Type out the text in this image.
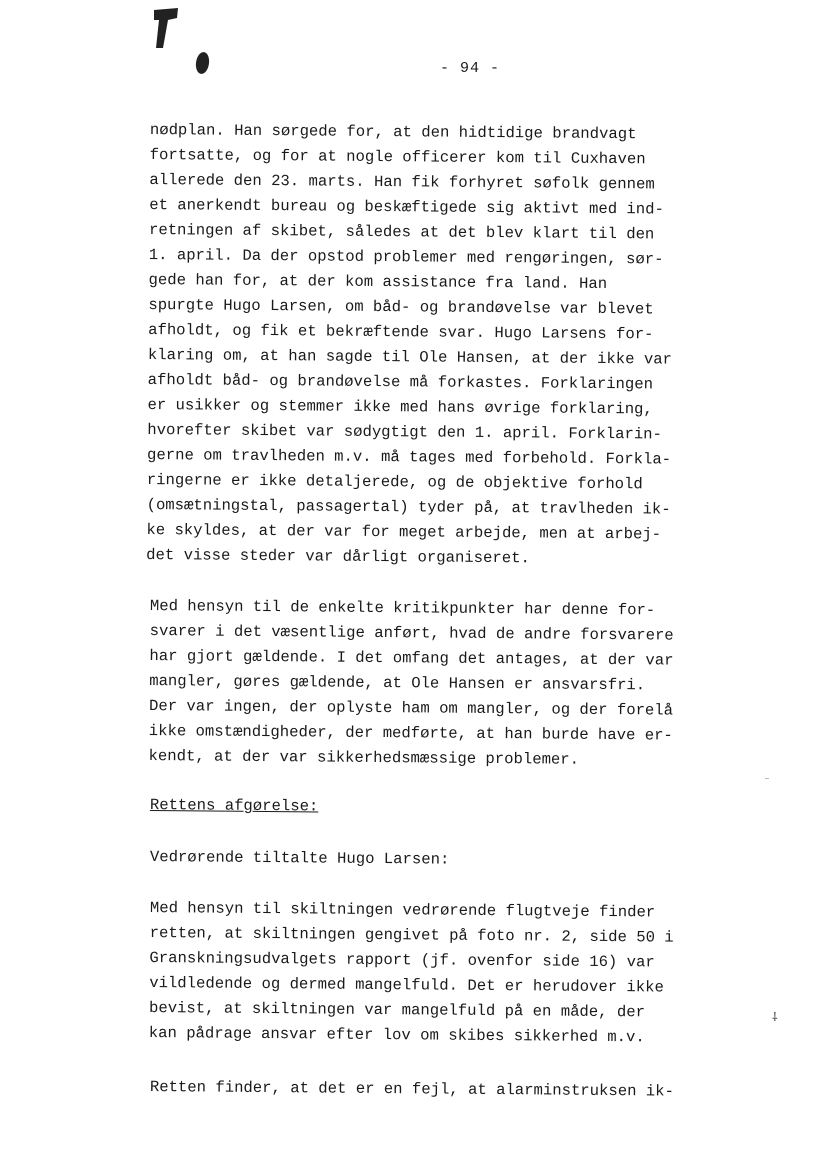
- 94 -
nødplan. Han sørgede for, at den hidtidige brandvagt
fortsatte, og for at nogle officerer kom til Cuxhaven
allerede den 23. marts. Han fik forhyret søfolk gennem
et anerkendt bureau og beskæftigede sig aktivt med ind-
retningen af skibet, således at det blev klart til den
1. april. Da der opstod problemer med rengøringen, sør-
gede han for, at der kom assistance fra land. Han
spurgte Hugo Larsen, om båd- og brandøvelse var blevet
afholdt, og fik et bekræftende svar. Hugo Larsens for-
klaring om, at han sagde til Ole Hansen, at der ikke var
afholdt båd- og brandøvelse må forkastes. Forklaringen
er usikker og stemmer ikke med hans øvrige forklaring,
hvorefter skibet var sødygtigt den 1. april. Forklarin-
gerne om travlheden m.v. må tages med forbehold. Forkla-
ringerne er ikke detaljerede, og de objektive forhold
(omsætningstal, passagertal) tyder på, at travlheden ik-
ke skyldes, at der var for meget arbejde, men at arbej-
det visse steder var dårligt organiseret.
Med hensyn til de enkelte kritikpunkter har denne for-
svarer i det væsentlige anført, hvad de andre forsvarere
har gjort gældende. I det omfang det antages, at der var
mangler, gøres gældende, at Ole Hansen er ansvarsfri.
Der var ingen, der oplyste ham om mangler, og der forelå
ikke omstændigheder, der medførte, at han burde have er-
kendt, at der var sikkerhedsmæssige problemer.
Rettens afgørelse:
Vedrørende tiltalte Hugo Larsen:
Med hensyn til skiltningen vedrørende flugtveje finder
retten, at skiltningen gengivet på foto nr. 2, side 50 i
Granskningsudvalgets rapport (jf. ovenfor side 16) var
vildledende og dermed mangelfuld. Det er herudover ikke
bevist, at skiltningen var mangelfuld på en måde, der
kan pådrage ansvar efter lov om skibes sikkerhed m.v.
Retten finder, at det er en fejl, at alarminstruksen ik-
⸸
